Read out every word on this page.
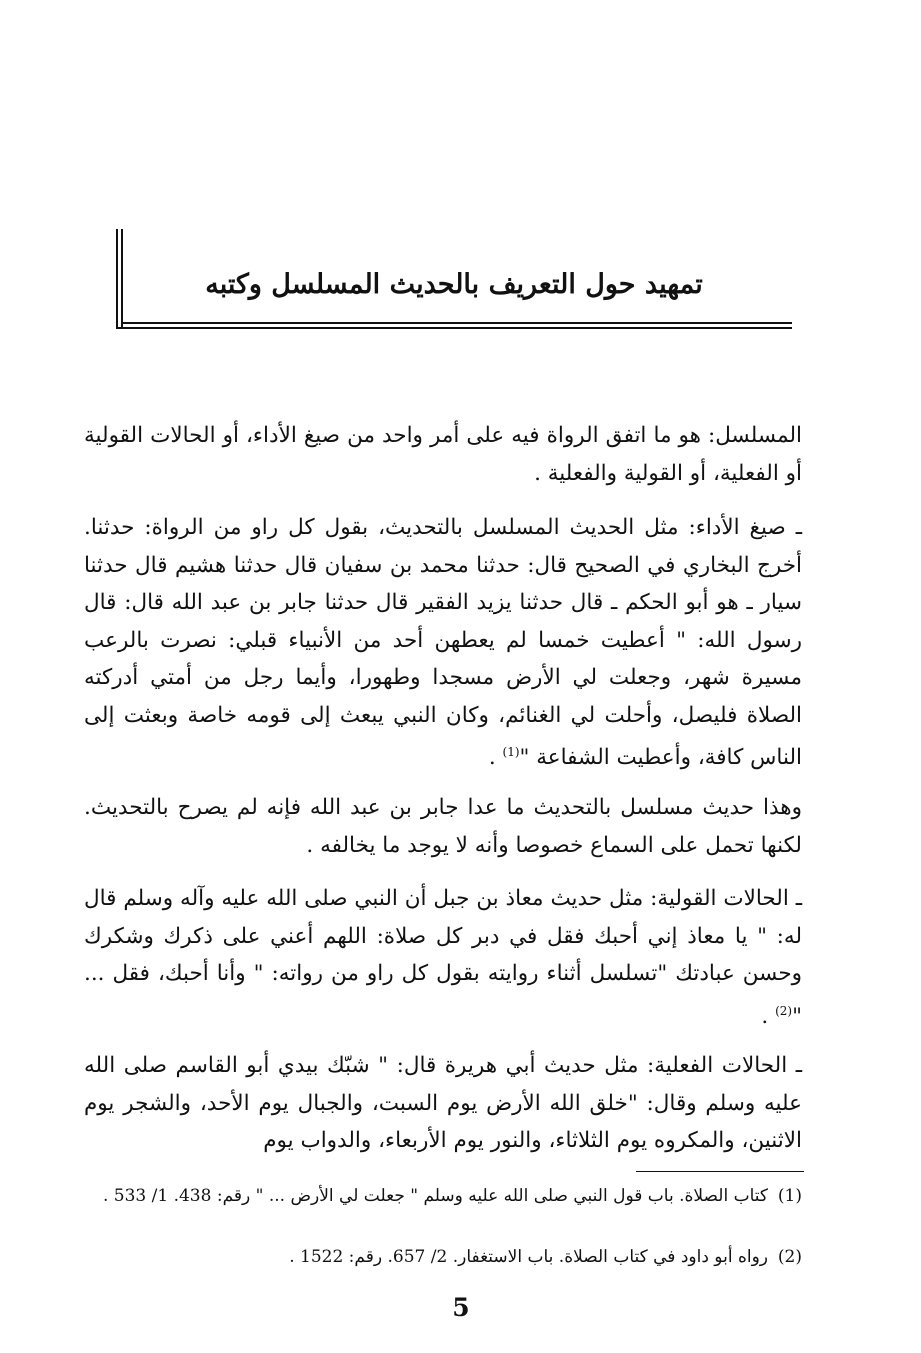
تمهيد حول التعريف بالحديث المسلسل وكتبه
المسلسل: هو ما اتفق الرواة فيه على أمر واحد من صيغ الأداء، أو الحالات القولية أو الفعلية، أو القولية والفعلية .
ـ صيغ الأداء: مثل الحديث المسلسل بالتحديث، بقول كل راو من الرواة: حدثنا. أخرج البخاري في الصحيح قال: حدثنا محمد بن سفيان قال حدثنا هشيم قال حدثنا سيار ـ هو أبو الحكم ـ قال حدثنا يزيد الفقير قال حدثنا جابر بن عبد الله قال: قال رسول الله: " أعطيت خمسا لم يعطهن أحد من الأنبياء قبلي: نصرت بالرعب مسيرة شهر، وجعلت لي الأرض مسجدا وطهورا، وأيما رجل من أمتي أدركته الصلاة فليصل، وأحلت لي الغنائم، وكان النبي يبعث إلى قومه خاصة وبعثت إلى الناس كافة، وأعطيت الشفاعة "$^{(1)}$ .
وهذا حديث مسلسل بالتحديث ما عدا جابر بن عبد الله فإنه لم يصرح بالتحديث. لكنها تحمل على السماع خصوصا وأنه لا يوجد ما يخالفه .
ـ الحالات القولية: مثل حديث معاذ بن جبل أن النبي صلى الله عليه وآله وسلم قال له: " يا معاذ إني أحبك فقل في دبر كل صلاة: اللهم أعني على ذكرك وشكرك وحسن عبادتك "تسلسل أثناء روايته بقول كل راو من رواته: " وأنا أحبك، فقل ... "$^{(2)}$ .
ـ الحالات الفعلية: مثل حديث أبي هريرة قال: " شبّك بيدي أبو القاسم صلى الله عليه وسلم وقال: "خلق الله الأرض يوم السبت، والجبال يوم الأحد، والشجر يوم الاثنين، والمكروه يوم الثلاثاء، والنور يوم الأربعاء، والدواب يوم
(1)كتاب الصلاة. باب قول النبي صلى الله عليه وسلم " جعلت لي الأرض ... " رقم: 438. 1/ 533 .
(2)رواه أبو داود في كتاب الصلاة. باب الاستغفار. 2/ 657. رقم: 1522 .
5
